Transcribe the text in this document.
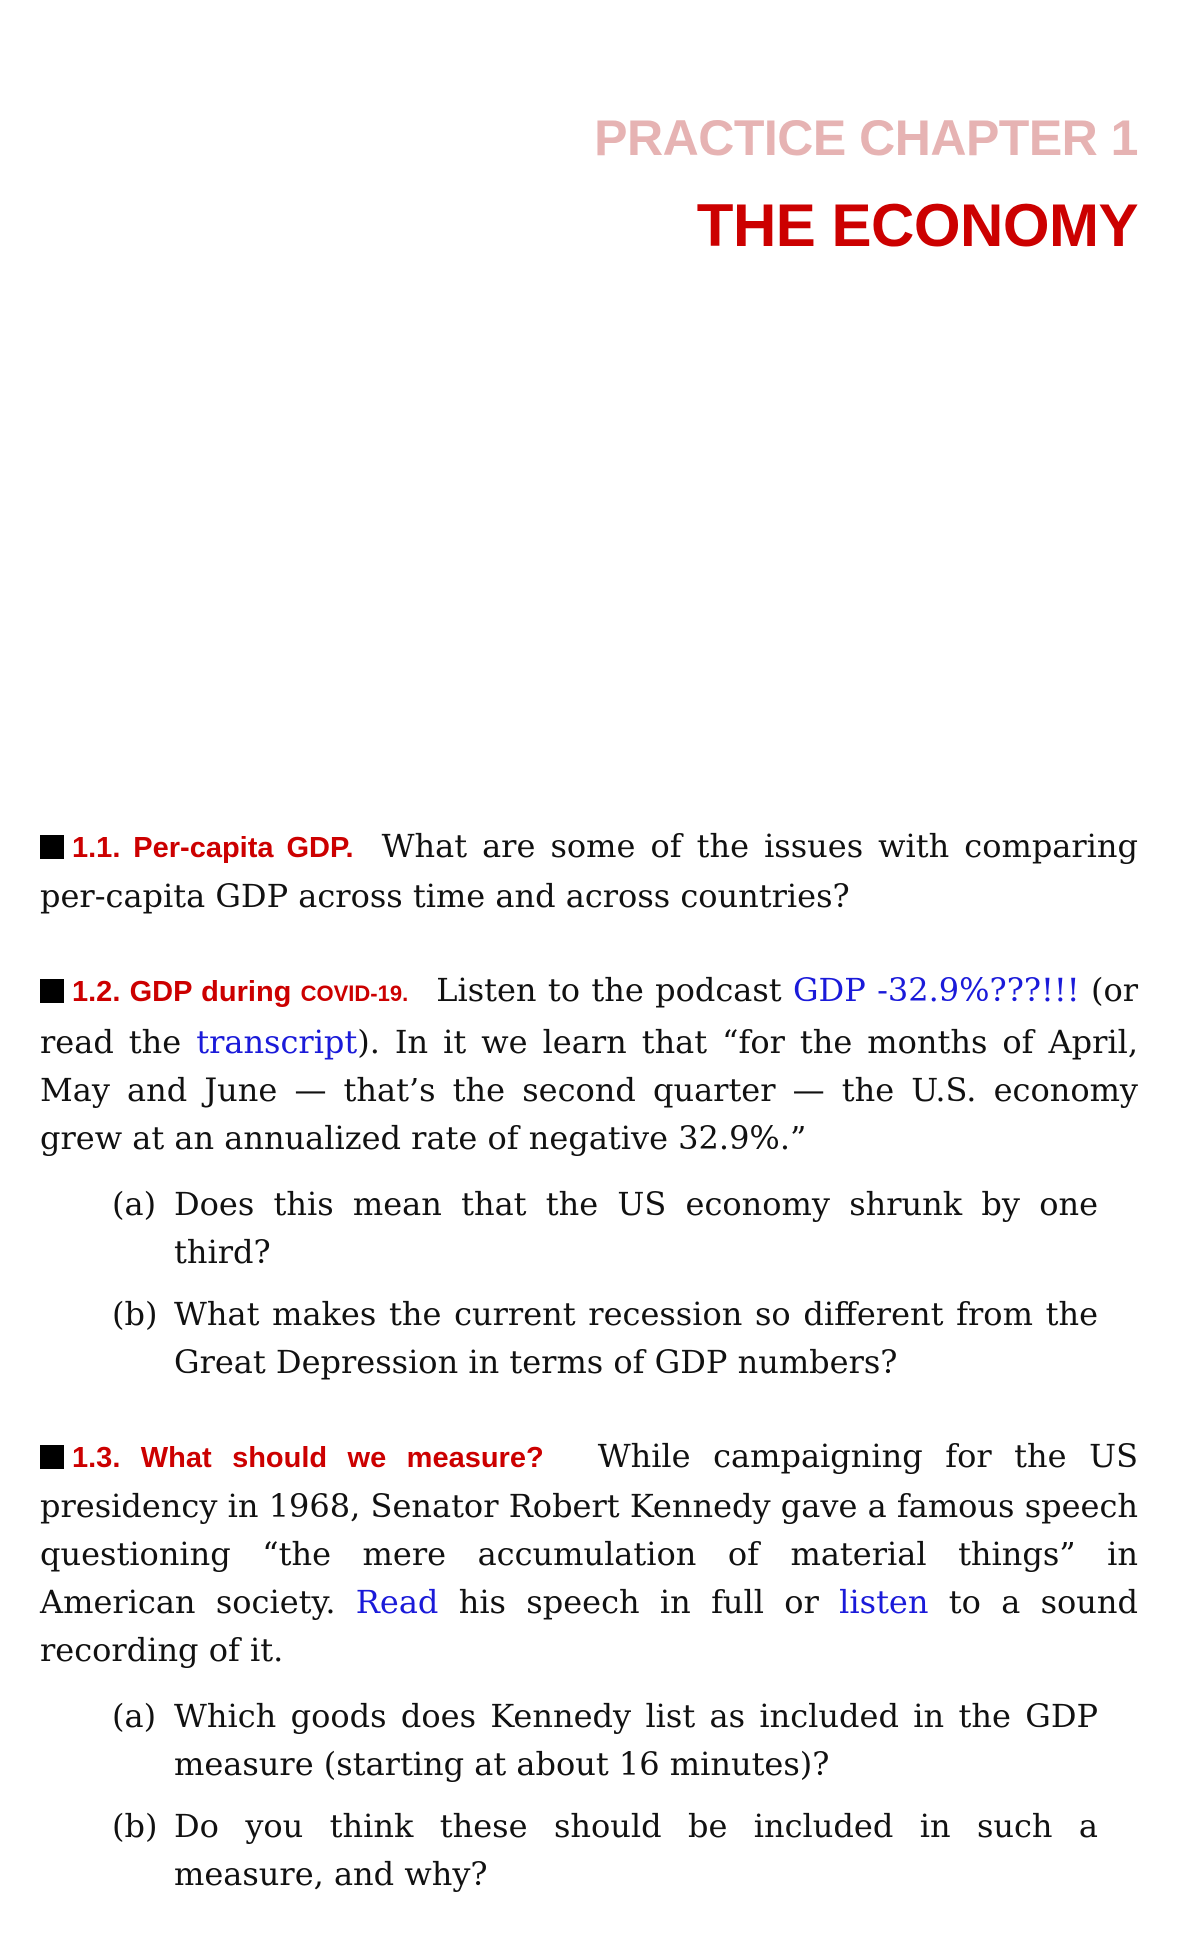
PRACTICE CHAPTER 1
THE ECONOMY

1.1. Per-capita GDP. What are some of the issues with comparing per-capita GDP across time and across countries?

1.2. GDP during COVID-19. Listen to the podcast GDP -32.9%???!!! (or read the transcript). In it we learn that “for the months of April, May and June — that’s the second quarter — the U.S. economy grew at an annualized rate of negative 32.9%.”
(a) Does this mean that the US economy shrunk by one third?
(b) What makes the current recession so different from the Great Depression in terms of GDP numbers?
1.3. What should we measure? While campaigning for the US presidency in 1968, Senator Robert Kennedy gave a famous speech questioning “the mere accumulation of material things” in American society. Read his speech in full or listen to a sound recording of it.
(a) Which goods does Kennedy list as included in the GDP measure (starting at about 16 minutes)?
(b) Do you think these should be included in such a measure, and why?
